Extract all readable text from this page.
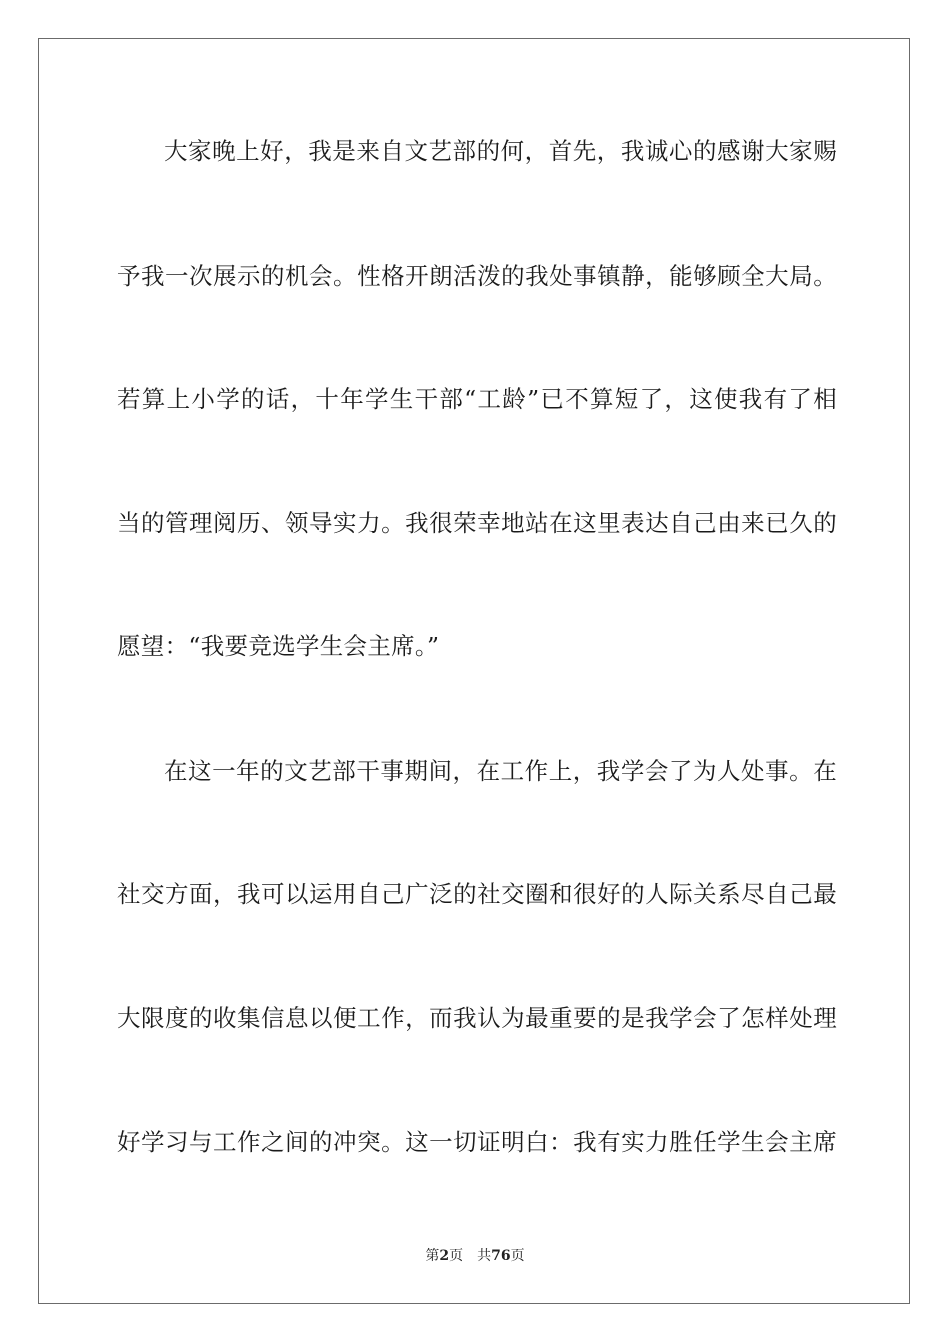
大家晚上好，我是来自文艺部的何，首先，我诚心的感谢大家赐
予我一次展示的机会。性格开朗活泼的我处事镇静，能够顾全大局。
若算上小学的话，十年学生干部“工龄”已不算短了，这使我有了相
当的管理阅历、领导实力。我很荣幸地站在这里表达自己由来已久的
愿望：“我要竞选学生会主席。”
在这一年的文艺部干事期间，在工作上，我学会了为人处事。在
社交方面，我可以运用自己广泛的社交圈和很好的人际关系尽自己最
大限度的收集信息以便工作，而我认为最重要的是我学会了怎样处理
好学习与工作之间的冲突。这一切证明白：我有实力胜任学生会主席
第2页 共76页
